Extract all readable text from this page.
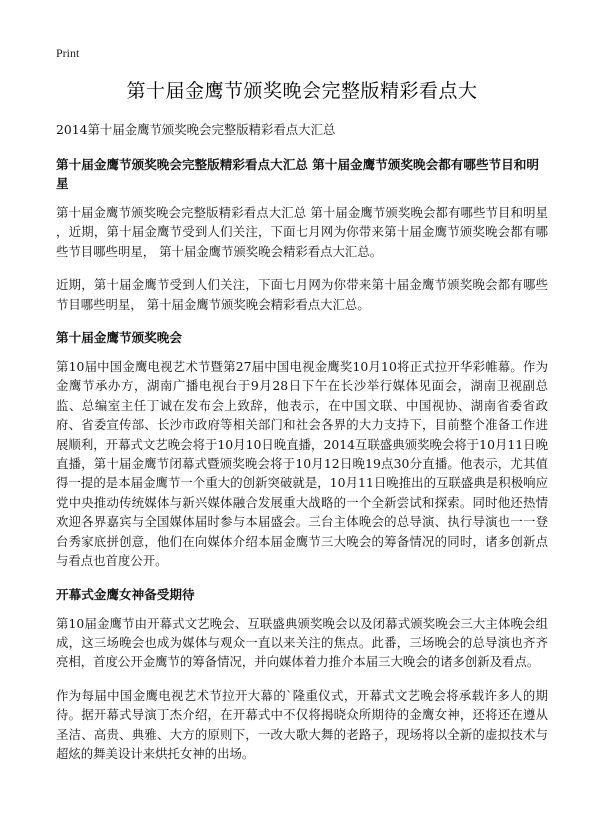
Print
第十届金鹰节颁奖晚会完整版精彩看点大

2014第十届金鹰节颁奖晚会完整版精彩看点大汇总

第十届金鹰节颁奖晚会完整版精彩看点大汇总 第十届金鹰节颁奖晚会都有哪些节目和明星

第十届金鹰节颁奖晚会完整版精彩看点大汇总 第十届金鹰节颁奖晚会都有哪些节目和明星 ，近期，第十届金鹰节受到人们关注，下面七月网为你带来第十届金鹰节颁奖晚会都有哪些节目哪些明星， 第十届金鹰节颁奖晚会精彩看点大汇总。

近期，第十届金鹰节受到人们关注，下面七月网为你带来第十届金鹰节颁奖晚会都有哪些节目哪些明星， 第十届金鹰节颁奖晚会精彩看点大汇总。

第十届金鹰节颁奖晚会

第10届中国金鹰电视艺术节暨第27届中国电视金鹰奖10月10将正式拉开华彩帷幕。作为金鹰节承办方，湖南广播电视台于9月28日下午在长沙举行媒体见面会，湖南卫视副总监、总编室主任丁诚在发布会上致辞，他表示，在中国文联、中国视协、湖南省委省政府、省委宣传部、长沙市政府等相关部门和社会各界的大力支持下，目前整个准备工作进展顺利，开幕式文艺晚会将于10月10日晚直播，2014互联盛典颁奖晚会将于10月11日晚直播，第十届金鹰节闭幕式暨颁奖晚会将于10月12日晚19点30分直播。他表示，尤其值得一提的是本届金鹰节一个重大的创新突破就是，10月11日晚推出的互联盛典是积极响应党中央推动传统媒体与新兴媒体融合发展重大战略的一个全新尝试和探索。同时他还热情欢迎各界嘉宾与全国媒体届时参与本届盛会。三台主体晚会的总导演、执行导演也一一登台秀家底拼创意，他们在向媒体介绍本届金鹰节三大晚会的筹备情况的同时，诸多创新点与看点也首度公开。

开幕式金鹰女神备受期待

第10届金鹰节由开幕式文艺晚会、互联盛典颁奖晚会以及闭幕式颁奖晚会三大主体晚会组成，这三场晚会也成为媒体与观众一直以来关注的焦点。此番，三场晚会的总导演也齐齐亮相，首度公开金鹰节的筹备情况，并向媒体着力推介本届三大晚会的诸多创新及看点。

作为每届中国金鹰电视艺术节拉开大幕的`隆重仪式，开幕式文艺晚会将承载许多人的期待。据开幕式导演丁杰介绍，在开幕式中不仅将揭晓众所期待的金鹰女神，还将还在遵从圣洁、高贵、典雅、大方的原则下，一改大歌大舞的老路子，现场将以全新的虚拟技术与超炫的舞美设计来烘托女神的出场。
